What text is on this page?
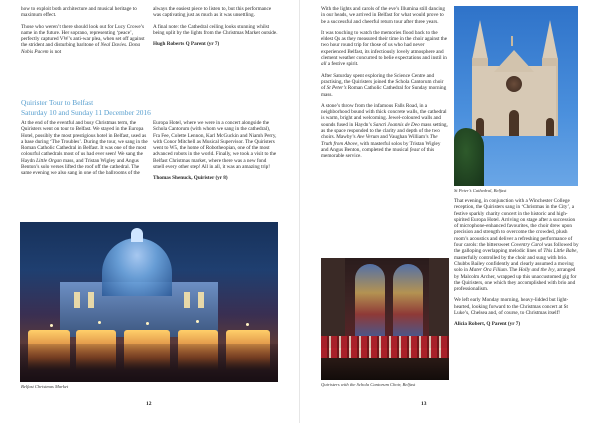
how to exploit both architecture and musical heritage to maximum effect.

Those who weren’t there should look out for Lucy Crowe’s name in the future. Her soprano, representing ‘peace’, perfectly captured VW’s anti-war plea, when set off against the strident and disturbing baritone of Neal Davies. Dona Nobis Pacem is not

always the easiest piece to listen to, but this performance was captivating just as much as it was unsettling.

A final note: the Cathedral ceiling looks stunning whilst being uplit by the lights from the Christmas Market outside.

Hugh Roberts Q Parent (yr 7)

Quirister Tour to Belfast
Saturday 10 and Sunday 11 December 2016

At the end of the eventful and busy Christmas term, the Quiristers went on tour to Belfast. We stayed in the Europa Hotel, possibly the most prestigious hotel in Belfast, used as a base during ‘The Troubles’. During the tour, we sang in the Roman Catholic Cathedral in Belfast. It was one of the most colourful cathedrals most of us had ever seen! We sang the Haydn Little Organ mass, and Tristan Wigley and Angus Benton’s solo verses lifted the roof off the cathedral. The same evening we also sang in one of the ballrooms of the

Europa Hotel, where we were in a concert alongside the Schola Cantorum (with whom we sang in the cathedral), Fra Fee, Colette Lennon, Karl McGuckin and Niamh Perry, with Conor Mitchell as Musical Supervisor. The Quiristers went to W5, the home of Robotheopian, one of the most advanced robots in the world. Finally, we took a visit to the Belfast Christmas market, where there was a new fond smell every other step! All in all, it was an amazing trip!

Thomas Shenuck, Quirister (yr 8)

Belfast Christmas Market
12

With the lights and carols of the eve’s Illumina still dancing in our heads, we arrived in Belfast for what would prove to be a successful and cheerful return tour after three years.

It was touching to watch the memories flood back to the eldest Qs as they measured their time in the choir against the two hour round trip for those of us who had never experienced Belfast, its infectiously lovely atmosphere and clement weather concurred to belie expectations and instil in all a festive spirit.

After Saturday spent exploring the Science Centre and practising, the Quiristers joined the Schola Cantorum choir of St Peter’s Roman Catholic Cathedral for Sunday morning mass.

A stone’s throw from the infamous Falls Road, in a neighborhood bound with thick concrete walls, the cathedral is warm, bright and welcoming. Jewel-coloured walls and sounds fused in Haydn’s Sancti Joannis de Deo mass setting, as the space responded to the clarity and depth of the two choirs. Mawby’s Ave Verum and Vaughan William’s The Truth from Above, with masterful solos by Tristan Wigley and Angus Benton, completed the musical feast of this memorable service.

St Peter’s Cathedral, Belfast

That evening, in conjunction with a Winchester College reception, the Quiristers sang in ‘Christmas in the City’, a festive sparkly charity concert in the historic and high-spirited Europa Hotel. Arriving on stage after a succession of microphone-enhanced favourites, the choir drew upon precision and strength to overcome the crowded, plush room’s acoustics and deliver a refreshing performance of four carols: the bittersweet Coventry Carol was followed by the galloping overlapping melodic lines of This Little Babe, masterfully controlled by the choir and sung with brio. Chubbs Bailey confidently and clearly assumed a moving solo in Mater Ora Filium. The Holly and the Ivy, arranged by Malcolm Archer, wrapped up this unaccustomed gig for the Quiristers, one which they accomplished with brio and professionalism.

We left early Monday morning, heavy-lidded but light-hearted, looking forward to the Christmas concert at St Luke’s, Chelsea and, of course, to Christmas itself!

Alicia Robert, Q Parent (yr 7)

Quiristers with the Schola Cantorum Choir, Belfast
13
